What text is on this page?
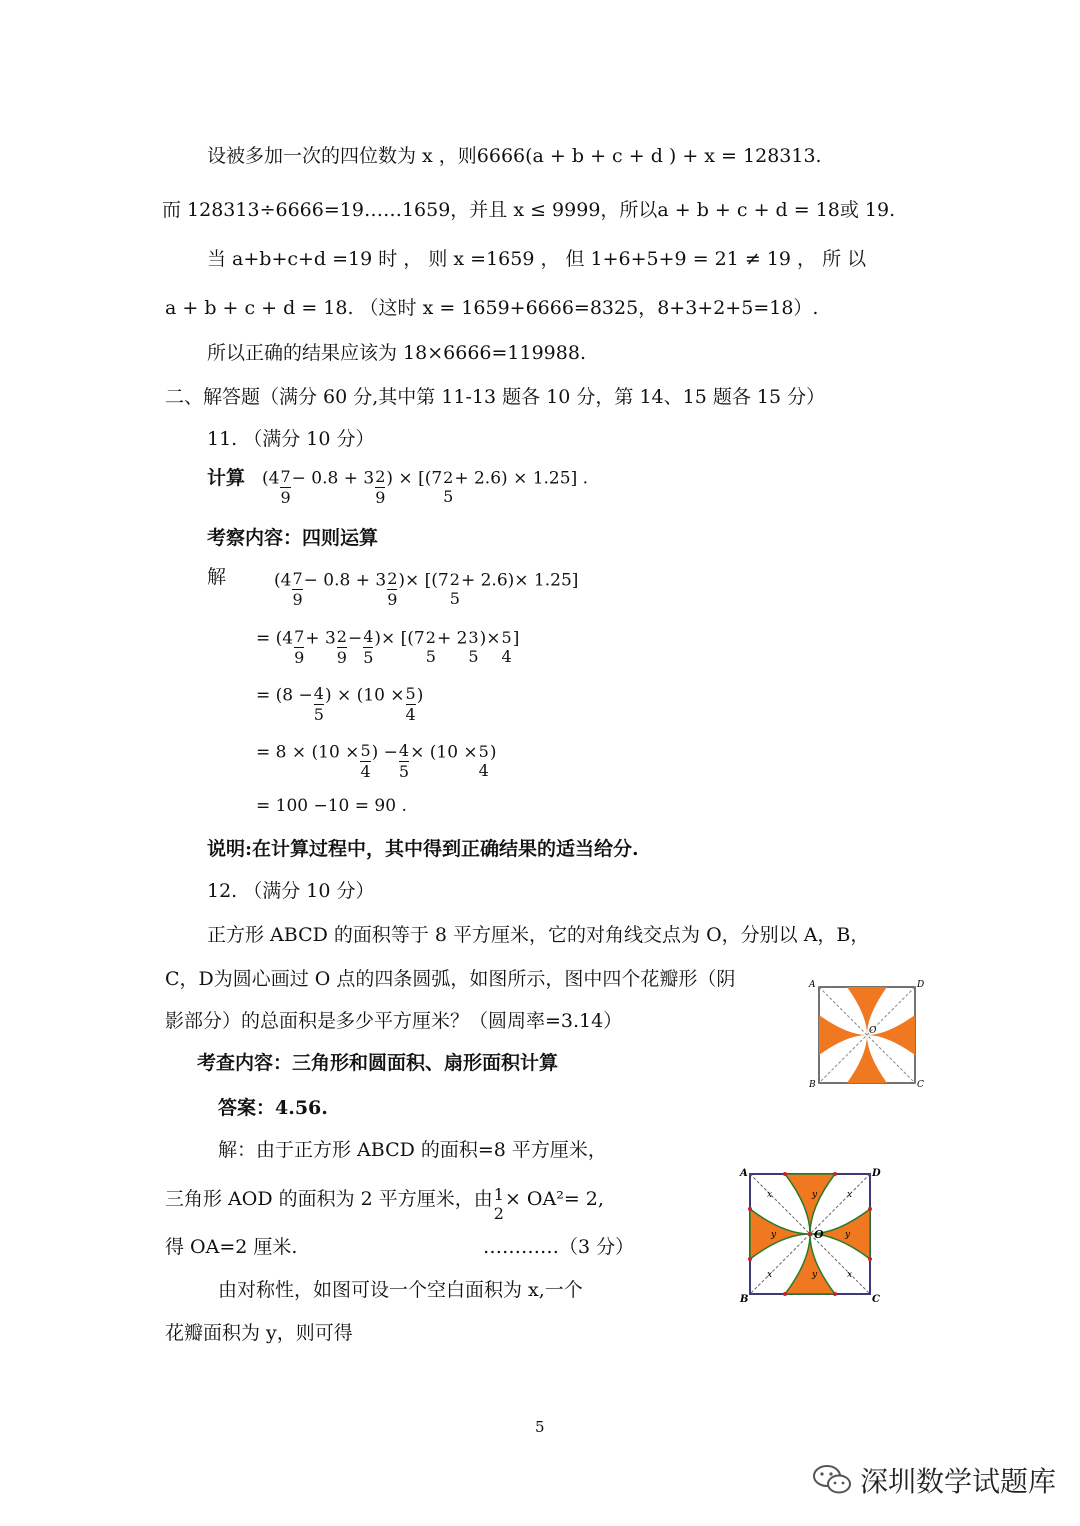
设被多加一次的四位数为 x ，则6666(a + b + c + d ) + x = 128313.
而 128313÷6666=19……1659，并且 x ≤ 9999，所以a + b + c + d = 18或 19.
当 a+b+c+d =19 时 ， 则 x =1659 ， 但 1+6+5+9 = 21 ≠ 19 ， 所 以
a + b + c + d = 18. （这时 x = 1659+6666=8325，8+3+2+5=18）.
所以正确的结果应该为 18×6666=119988.
二、解答题（满分 60 分,其中第 11-13 题各 10 分，第 14、15 题各 15 分）
11. （满分 10 分）
计算 ($4 \frac{7}{9} - 0.8 + 3 \frac{2}{9}$ ) × [(7 2
5
+ 2.6) × 1.25] .
考察内容：四则运算
解	($4 \frac{7}{9} - 0.8 + 3 \frac{2}{9}$ )× [(7 2
5
+ 2.6)× 1.25]
= ($4 \frac{7}{9} + 3 \frac{2}{9} - \frac{4}{5}$ )× [(7 2
5
+ 2 3
5
)× 5
4
]
= ($8 - \frac{4}{5}$ ) × ($10 \times \frac{5}{4}$ )
= $8 \times (10 \times \frac{5}{4}$ ) − $\frac{4}{5} \times (10 \times 5$
4
)
= 100 −10 = 90 .
说明:在计算过程中，其中得到正确结果的适当给分.
12. （满分 10 分）
正方形 ABCD 的面积等于 8 平方厘米，它的对角线交点为 O，分别以 A，B，
C，D为圆心画过 O 点的四条圆弧，如图所示，图中四个花瓣形（阴
影部分）的总面积是多少平方厘米？（圆周率=3.14）
考查内容：三角形和圆面积、扇形面积计算
答案：4.56.
解：由于正方形 ABCD 的面积=8 平方厘米，
三角形 AOD 的面积为 2 平方厘米，由 1
2
× OA²= 2,
得 OA=2 厘米.	…………（3 分）
由对称性，如图可设一个空白面积为 x,一个
花瓣面积为 y，则可得
A	D
B	C
O
A	D
B	C
O
x	x
x	x
y
y
y	y
5
深圳数学试题库
